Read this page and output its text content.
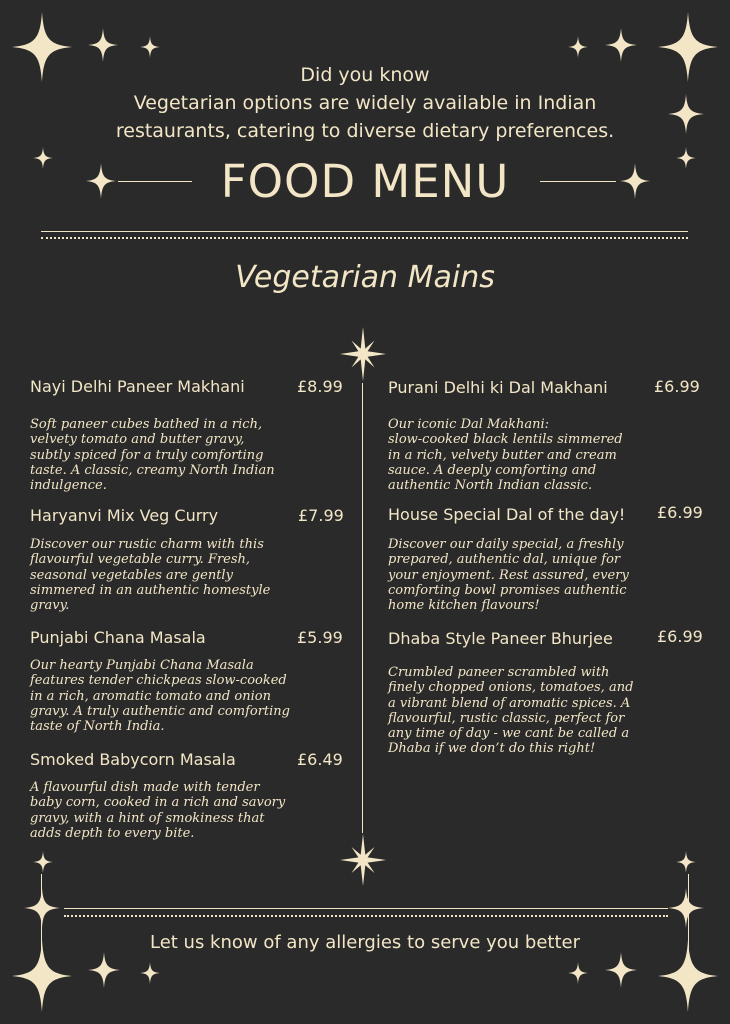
Did you know
Vegetarian options are widely available in Indian
restaurants, catering to diverse dietary preferences.
FOOD MENU
Vegetarian Mains
Nayi Delhi Paneer Makhani	£8.99
Soft paneer cubes bathed in a rich,
velvety tomato and butter gravy,
subtly spiced for a truly comforting
taste. A classic, creamy North Indian
indulgence.
Haryanvi Mix Veg Curry	£7.99
Discover our rustic charm with this
flavourful vegetable curry. Fresh,
seasonal vegetables are gently
simmered in an authentic homestyle
gravy.
Punjabi Chana Masala	£5.99
Our hearty Punjabi Chana Masala
features tender chickpeas slow-cooked
in a rich, aromatic tomato and onion
gravy. A truly authentic and comforting
taste of North India.
Smoked Babycorn Masala	£6.49
A flavourful dish made with tender
baby corn, cooked in a rich and savory
gravy, with a hint of smokiness that
adds depth to every bite.
Purani Delhi ki Dal Makhani	£6.99
Our iconic Dal Makhani:
slow-cooked black lentils simmered
in a rich, velvety butter and cream
sauce. A deeply comforting and
authentic North Indian classic.
House Special Dal of the day! £6.99
Discover our daily special, a freshly
prepared, authentic dal, unique for
your enjoyment. Rest assured, every
comforting bowl promises authentic
home kitchen flavours!
Dhaba Style Paneer Bhurjee	£6.99
Crumbled paneer scrambled with
finely chopped onions, tomatoes, and
a vibrant blend of aromatic spices. A
flavourful, rustic classic, perfect for
any time of day - we cant be called a
Dhaba if we don’t do this right!
Let us know of any allergies to serve you better
